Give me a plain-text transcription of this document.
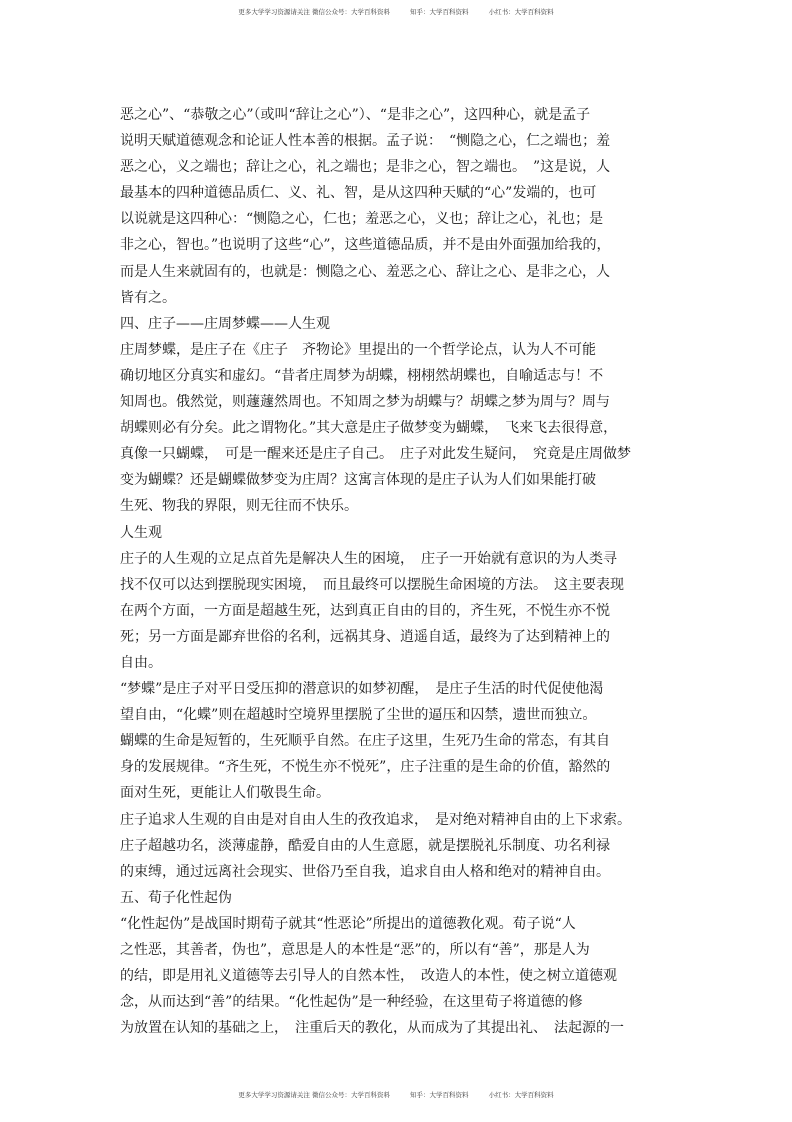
更多大学学习资源请关注 微信公众号：大学百科资料	知乎：大学百科资料	小红书：大学百科资料
恶之心”、“恭敬之心”（或叫“辞让之心”）、“是非之心”，这四种心，就是孟子
说明天赋道德观念和论证人性本善的根据。孟子说：　“恻隐之心，仁之端也；羞
恶之心，义之端也；辞让之心，礼之端也；是非之心，智之端也。　”这是说，人
最基本的四种道德品质仁、义、礼、智，是从这四种天赋的“心”发端的，也可
以说就是这四种心：“恻隐之心，仁也；羞恶之心，义也；辞让之心，礼也；是
非之心，智也。”也说明了这些“心”，这些道德品质，并不是由外面强加给我的，
而是人生来就固有的，也就是：恻隐之心、羞恶之心、辞让之心、是非之心，人
皆有之。
四、庄子——庄周梦蝶——人生观
庄周梦蝶，是庄子在《庄子　齐物论》里提出的一个哲学论点，认为人不可能
确切地区分真实和虚幻。“昔者庄周梦为胡蝶，栩栩然胡蝶也，自喻适志与！不
知周也。俄然觉，则蘧蘧然周也。不知周之梦为胡蝶与？胡蝶之梦为周与？周与
胡蝶则必有分矣。此之谓物化。”其大意是庄子做梦变为蝴蝶，　飞来飞去很得意，
真像一只蝴蝶，　可是一醒来还是庄子自己。　庄子对此发生疑问，　究竟是庄周做梦
变为蝴蝶？还是蝴蝶做梦变为庄周？这寓言体现的是庄子认为人们如果能打破
生死、物我的界限，则无往而不快乐。
人生观
庄子的人生观的立足点首先是解决人生的困境，　庄子一开始就有意识的为人类寻
找不仅可以达到摆脱现实困境，　而且最终可以摆脱生命困境的方法。　这主要表现
在两个方面，一方面是超越生死，达到真正自由的目的，齐生死，不悦生亦不悦
死；另一方面是鄙弃世俗的名利，远祸其身、逍遥自适，最终为了达到精神上的
自由。
“梦蝶”是庄子对平日受压抑的潜意识的如梦初醒，　是庄子生活的时代促使他渴
望自由，“化蝶”则在超越时空境界里摆脱了尘世的逼压和囚禁，遗世而独立。
蝴蝶的生命是短暂的，生死顺乎自然。在庄子这里，生死乃生命的常态，有其自
身的发展规律。“齐生死，不悦生亦不悦死”，庄子注重的是生命的价值，豁然的
面对生死，更能让人们敬畏生命。
庄子追求人生观的自由是对自由人生的孜孜追求，　是对绝对精神自由的上下求索。
庄子超越功名，淡薄虚静，酷爱自由的人生意愿，就是摆脱礼乐制度、功名利禄
的束缚，通过远离社会现实、世俗乃至自我，追求自由人格和绝对的精神自由。
五、荀子化性起伪
“化性起伪”是战国时期荀子就其“性恶论”所提出的道德教化观。荀子说“人
之性恶，其善者，伪也”，意思是人的本性是“恶”的，所以有“善”，那是人为
的结，即是用礼义道德等去引导人的自然本性，　改造人的本性，使之树立道德观
念，从而达到“善”的结果。“化性起伪”是一种经验，在这里荀子将道德的修
为放置在认知的基础之上，　注重后天的教化，从而成为了其提出礼、　法起源的一
更多大学学习资源请关注 微信公众号：大学百科资料	知乎：大学百科资料	小红书：大学百科资料
